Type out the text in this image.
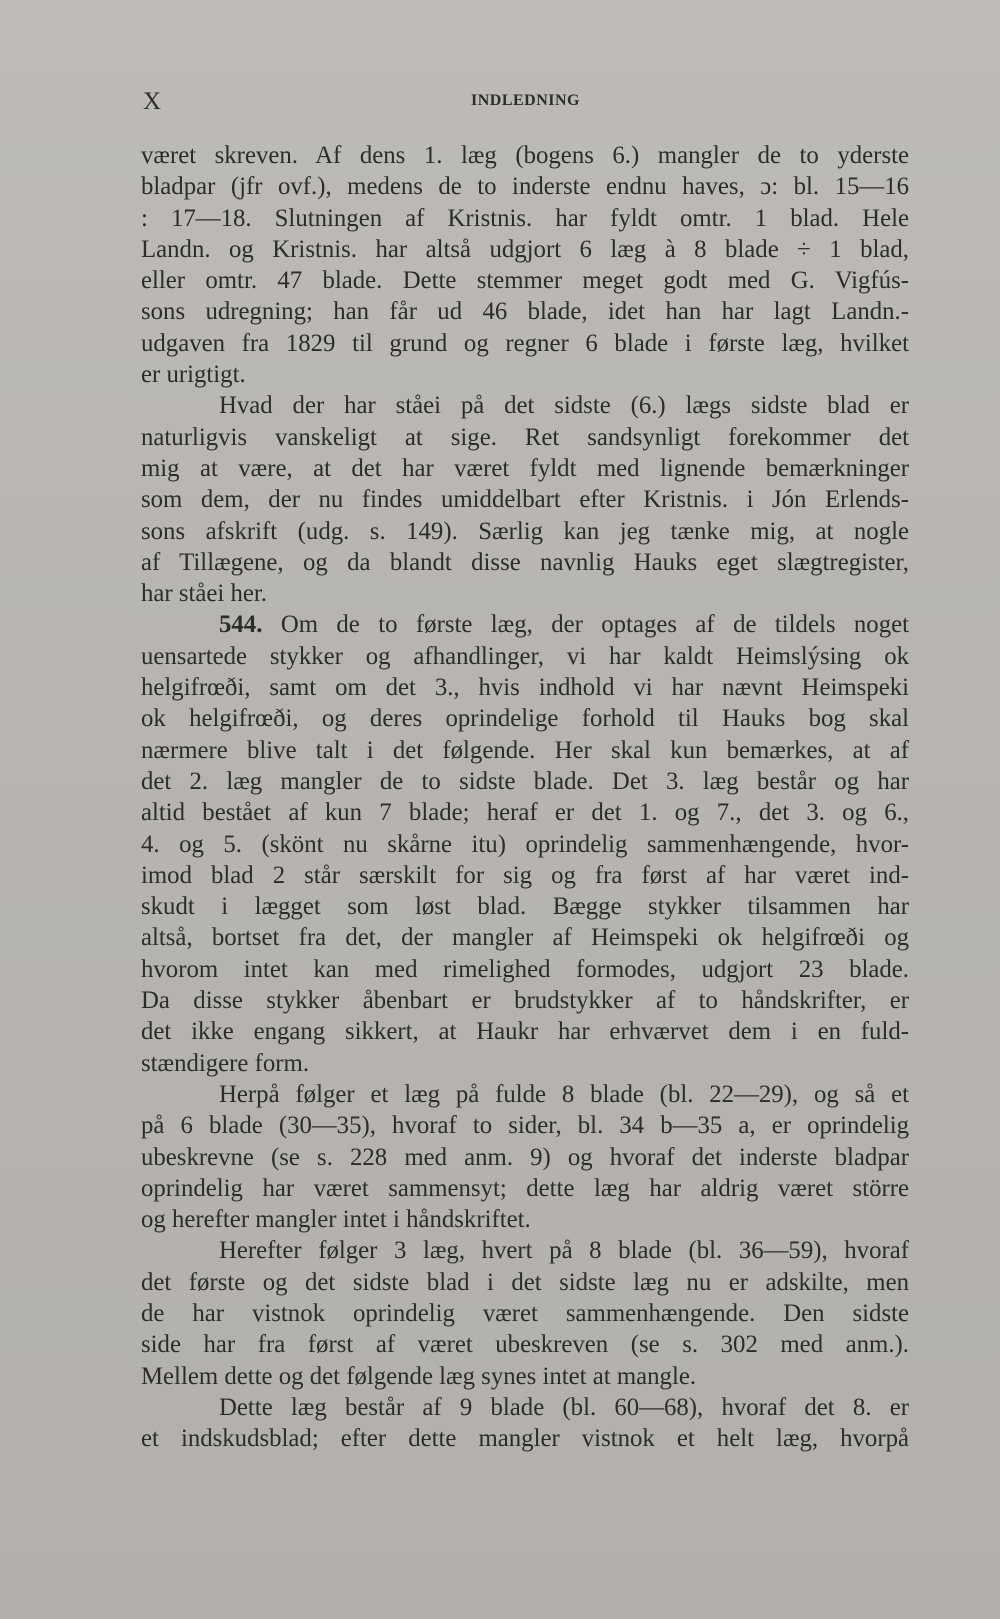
X	INDLEDNING
været skreven. Af dens 1. læg (bogens 6.) mangler de to yderste
bladpar (jfr ovf.), medens de to inderste endnu haves, ɔ: bl. 15—16
: 17—18. Slutningen af Kristnis. har fyldt omtr. 1 blad. Hele
Landn. og Kristnis. har altså udgjort 6 læg à 8 blade ÷ 1 blad,
eller omtr. 47 blade. Dette stemmer meget godt med G. Vigfús-
sons udregning; han får ud 46 blade, idet han har lagt Landn.-
udgaven fra 1829 til grund og regner 6 blade i første læg, hvilket
er urigtigt.
Hvad der har ståei på det sidste (6.) lægs sidste blad er
naturligvis vanskeligt at sige. Ret sandsynligt forekommer det
mig at være, at det har været fyldt med lignende bemærkninger
som dem, der nu findes umiddelbart efter Kristnis. i Jón Erlends-
sons afskrift (udg. s. 149). Særlig kan jeg tænke mig, at nogle
af Tillægene, og da blandt disse navnlig Hauks eget slægtregister,
har ståei her.
544. Om de to første læg, der optages af de tildels noget
uensartede stykker og afhandlinger, vi har kaldt Heimslýsing ok
helgifrœði, samt om det 3., hvis indhold vi har nævnt Heimspeki
ok helgifrœði, og deres oprindelige forhold til Hauks bog skal
nærmere blive talt i det følgende. Her skal kun bemærkes, at af
det 2. læg mangler de to sidste blade. Det 3. læg består og har
altid bestået af kun 7 blade; heraf er det 1. og 7., det 3. og 6.,
4. og 5. (skönt nu skårne itu) oprindelig sammenhængende, hvor-
imod blad 2 står særskilt for sig og fra først af har været ind-
skudt i lægget som løst blad. Bægge stykker tilsammen har
altså, bortset fra det, der mangler af Heimspeki ok helgifrœði og
hvorom intet kan med rimelighed formodes, udgjort 23 blade.
Da disse stykker åbenbart er brudstykker af to håndskrifter, er
det ikke engang sikkert, at Haukr har erhværvet dem i en fuld-
stændigere form.
Herpå følger et læg på fulde 8 blade (bl. 22—29), og så et
på 6 blade (30—35), hvoraf to sider, bl. 34 b—35 a, er oprindelig
ubeskrevne (se s. 228 med anm. 9) og hvoraf det inderste bladpar
oprindelig har været sammensyt; dette læg har aldrig været större
og herefter mangler intet i håndskriftet.
Herefter følger 3 læg, hvert på 8 blade (bl. 36—59), hvoraf
det første og det sidste blad i det sidste læg nu er adskilte, men
de har vistnok oprindelig været sammenhængende. Den sidste
side har fra først af været ubeskreven (se s. 302 med anm.).
Mellem dette og det følgende læg synes intet at mangle.
Dette læg består af 9 blade (bl. 60—68), hvoraf det 8. er
et indskudsblad; efter dette mangler vistnok et helt læg, hvorpå
